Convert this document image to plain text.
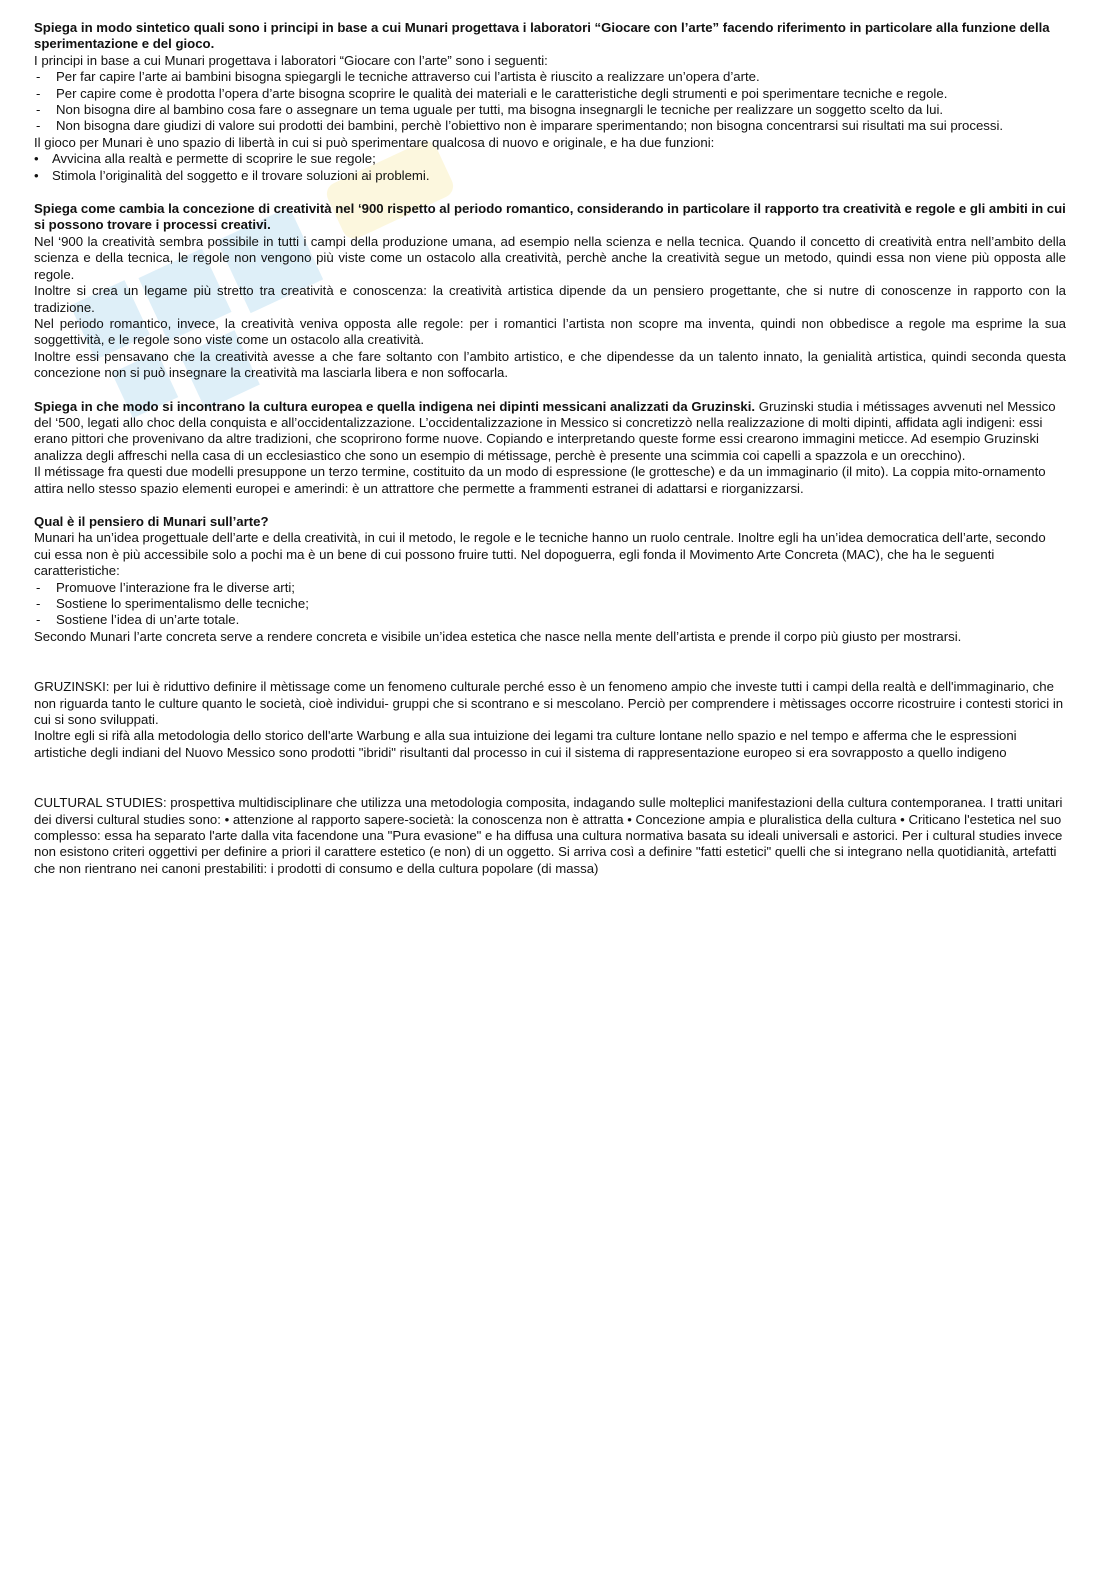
Spiega in modo sintetico quali sono i principi in base a cui Munari progettava i laboratori “Giocare con l’arte” facendo riferimento in particolare alla funzione della sperimentazione e del gioco.

I principi in base a cui Munari progettava i laboratori “Giocare con l’arte” sono i seguenti:

- Per far capire l’arte ai bambini bisogna spiegargli le tecniche attraverso cui l’artista è riuscito a realizzare un’opera d’arte.
- Per capire come è prodotta l’opera d’arte bisogna scoprire le qualità dei materiali e le caratteristiche degli strumenti e poi sperimentare tecniche e regole.
- Non bisogna dire al bambino cosa fare o assegnare un tema uguale per tutti, ma bisogna insegnargli le tecniche per realizzare un soggetto scelto da lui.
- Non bisogna dare giudizi di valore sui prodotti dei bambini, perchè l’obiettivo non è imparare sperimentando; non bisogna concentrarsi sui risultati ma sui processi.

Il gioco per Munari è uno spazio di libertà in cui si può sperimentare qualcosa di nuovo e originale, e ha due funzioni:

• Avvicina alla realtà e permette di scoprire le sue regole;
• Stimola l’originalità del soggetto e il trovare soluzioni ai problemi.

Spiega come cambia la concezione di creatività nel ‘900 rispetto al periodo romantico, considerando in particolare il rapporto tra creatività e regole e gli ambiti in cui si possono trovare i processi creativi.

Nel ‘900 la creatività sembra possibile in tutti i campi della produzione umana, ad esempio nella scienza e nella tecnica. Quando il concetto di creatività entra nell’ambito della scienza e della tecnica, le regole non vengono più viste come un ostacolo alla creatività, perchè anche la creatività segue un metodo, quindi essa non viene più opposta alle regole.

Inoltre si crea un legame più stretto tra creatività e conoscenza: la creatività artistica dipende da un pensiero progettante, che si nutre di conoscenze in rapporto con la tradizione.

Nel periodo romantico, invece, la creatività veniva opposta alle regole: per i romantici l’artista non scopre ma inventa, quindi non obbedisce a regole ma esprime la sua soggettività, e le regole sono viste come un ostacolo alla creatività.

Inoltre essi pensavano che la creatività avesse a che fare soltanto con l’ambito artistico, e che dipendesse da un talento innato, la genialità artistica, quindi seconda questa concezione non si può insegnare la creatività ma lasciarla libera e non soffocarla.

Spiega in che modo si incontrano la cultura europea e quella indigena nei dipinti messicani analizzati da Gruzinski. Gruzinski studia i métissages avvenuti nel Messico del ‘500, legati allo choc della conquista e all’occidentalizzazione. L’occidentalizzazione in Messico si concretizzò nella realizzazione di molti dipinti, affidata agli indigeni: essi erano pittori che provenivano da altre tradizioni, che scoprirono forme nuove. Copiando e interpretando queste forme essi crearono immagini meticce. Ad esempio Gruzinski analizza degli affreschi nella casa di un ecclesiastico che sono un esempio di métissage, perchè è presente una scimmia coi capelli a spazzola e un orecchino).

Il métissage fra questi due modelli presuppone un terzo termine, costituito da un modo di espressione (le grottesche) e da un immaginario (il mito). La coppia mito-ornamento attira nello stesso spazio elementi europei e amerindi: è un attrattore che permette a frammenti estranei di adattarsi e riorganizzarsi.

Qual è il pensiero di Munari sull’arte?

Munari ha un’idea progettuale dell’arte e della creatività, in cui il metodo, le regole e le tecniche hanno un ruolo centrale. Inoltre egli ha un’idea democratica dell’arte, secondo cui essa non è più accessibile solo a pochi ma è un bene di cui possono fruire tutti. Nel dopoguerra, egli fonda il Movimento Arte Concreta (MAC), che ha le seguenti caratteristiche:

- Promuove l’interazione fra le diverse arti;
- Sostiene lo sperimentalismo delle tecniche;
- Sostiene l’idea di un’arte totale.

Secondo Munari l’arte concreta serve a rendere concreta e visibile un’idea estetica che nasce nella mente dell’artista e prende il corpo più giusto per mostrarsi.

GRUZINSKI: per lui è riduttivo definire il mètissage come un fenomeno culturale perché esso è un fenomeno ampio che investe tutti i campi della realtà e dell'immaginario, che non riguarda tanto le culture quanto le società, cioè individui- gruppi che si scontrano e si mescolano. Perciò per comprendere i mètissages occorre ricostruire i contesti storici in cui si sono sviluppati.

Inoltre egli si rifà alla metodologia dello storico dell'arte Warbung e alla sua intuizione dei legami tra culture lontane nello spazio e nel tempo e afferma che le espressioni artistiche degli indiani del Nuovo Messico sono prodotti "ibridi" risultanti dal processo in cui il sistema di rappresentazione europeo si era sovrapposto a quello indigeno

CULTURAL STUDIES: prospettiva multidisciplinare che utilizza una metodologia composita, indagando sulle molteplici manifestazioni della cultura contemporanea. I tratti unitari dei diversi cultural studies sono: • attenzione al rapporto sapere-società: la conoscenza non è attratta • Concezione ampia e pluralistica della cultura • Criticano l'estetica nel suo complesso: essa ha separato l'arte dalla vita facendone una "Pura evasione" e ha diffusa una cultura normativa basata su ideali universali e astorici. Per i cultural studies invece non esistono criteri oggettivi per definire a priori il carattere estetico (e non) di un oggetto. Si arriva così a definire "fatti estetici" quelli che si integrano nella quotidianità, artefatti che non rientrano nei canoni prestabiliti: i prodotti di consumo e della cultura popolare (di massa)
